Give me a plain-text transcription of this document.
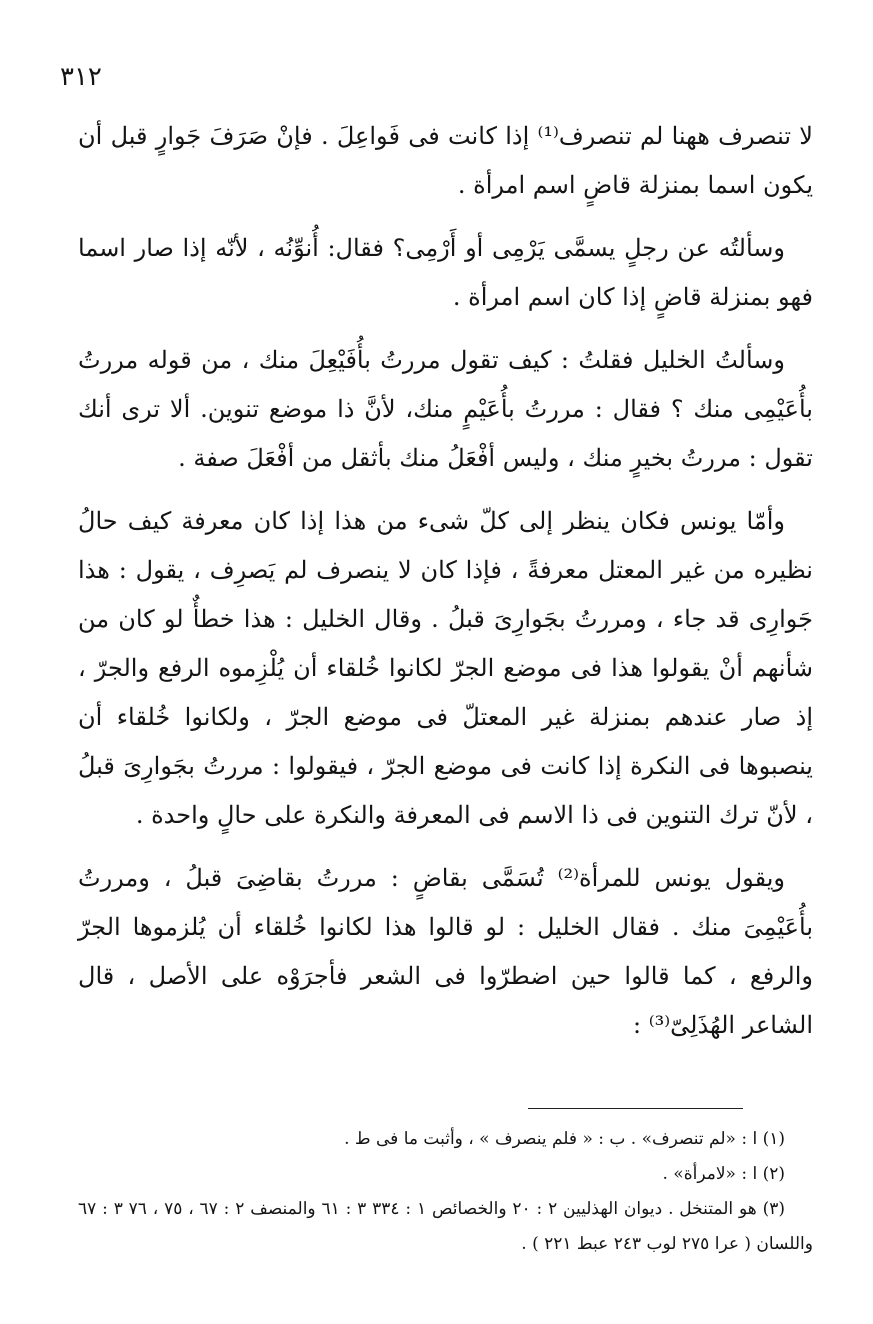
٣١٢

لا تنصرف ههنا لم تنصرف⁽¹⁾ إذا كانت فى فَواعِلَ . فإنْ صَرَفَ جَوارٍ قبل أن يكون اسما بمنزلة قاضٍ اسم امرأة .

وسألتُه عن رجلٍ يسمَّى يَرْمِى أو أَرْمِى؟ فقال: أُنوِّنُه ، لأنّه إذا صار اسما فهو بمنزلة قاضٍ إذا كان اسم امرأة .

وسألتُ الخليل فقلتُ : كيف تقول مررتُ بأُفَيْعِلَ منك ، من قوله مررتُ بأُعَيْمِى منك ؟ فقال : مررتُ بأُعَيْمٍ منك، لأنَّ ذا موضع تنوين. ألا ترى أنك تقول : مررتُ بخيرٍ منك ، وليس أفْعَلُ منك بأثقل من أفْعَلَ صفة .

وأمّا يونس فكان ينظر إلى كلّ شىء من هذا إذا كان معرفة كيف حالُ نظيره من غير المعتل معرفةً ، فإذا كان لا ينصرف لم يَصرِف ، يقول : هذا جَوارِى قد جاء ، ومررتُ بجَوارِىَ قبلُ . وقال الخليل : هذا خطأٌ لو كان من شأنهم أنْ يقولوا هذا فى موضع الجرّ لكانوا خُلقاء أن يُلْزِموه الرفع والجرّ ، إذ صار عندهم بمنزلة غير المعتلّ فى موضع الجرّ ، ولكانوا خُلقاء أن ينصبوها فى النكرة إذا كانت فى موضع الجرّ ، فيقولوا : مررتُ بجَوارِىَ قبلُ ، لأنّ ترك التنوين فى ذا الاسم فى المعرفة والنكرة على حالٍ واحدة .

ويقول يونس للمرأة⁽²⁾ تُسَمَّى بقاضٍ : مررتُ بقاضِىَ قبلُ ، ومررتُ بأُعَيْمِىَ منك . فقال الخليل : لو قالوا هذا لكانوا خُلقاء أن يُلزموها الجرّ والرفع ، كما قالوا حين اضطرّوا فى الشعر فأجرَوْه على الأصل ، قال الشاعر الهُذَلِىّ⁽³⁾ :

(١) ا : «لم تنصرف» . ب : « فلم ينصرف » ، وأثبت ما فى ط .

(٢) ا : «لامرأة» .

(٣) هو المتنخل . ديوان الهذليين ٢ : ٢٠ والخصائص ١ : ٣٣٤ ٣ : ٦١ والمنصف ٢ : ٦٧ ، ٧٥ ، ٧٦ ٣ : ٦٧ واللسان ( عرا ٢٧٥ لوب ٢٤٣ عبط ٢٢١ ) .
